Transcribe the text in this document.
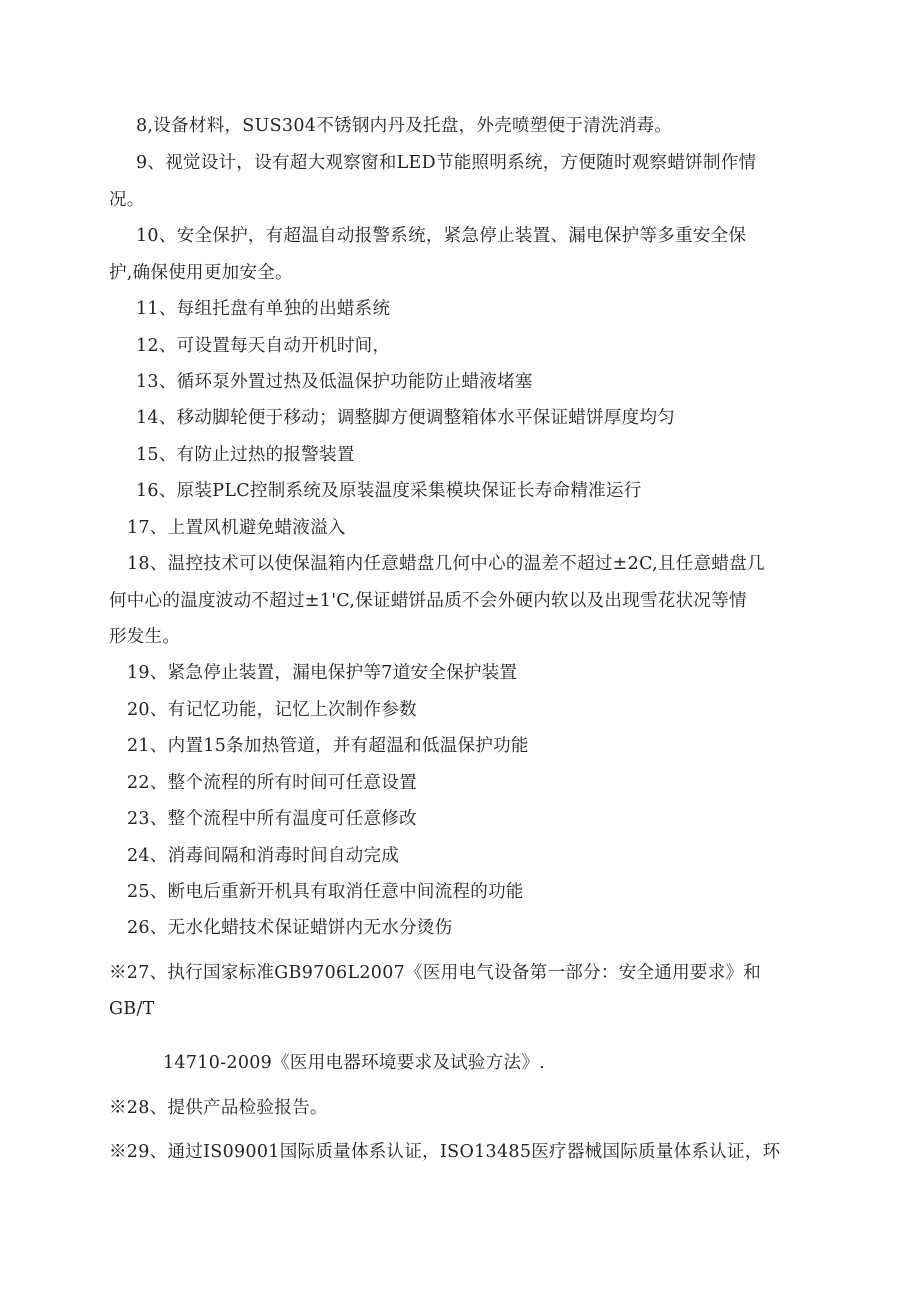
8,设备材料，SUS304不锈钢内丹及托盘，外壳喷塑便于清洗消毒。
9、视觉设计，设有超大观察窗和LED节能照明系统，方便随时观察蜡饼制作情
况。
10、安全保护，有超温自动报警系统，紧急停止装置、漏电保护等多重安全保
护,确保使用更加安全。
11、每组托盘有单独的出蜡系统
12、可设置每天自动开机时间，
13、循环泵外置过热及低温保护功能防止蜡液堵塞
14、移动脚轮便于移动；调整脚方便调整箱体水平保证蜡饼厚度均匀
15、有防止过热的报警装置
16、原装PLC控制系统及原装温度采集模块保证长寿命精准运行
17、上置风机避免蜡液溢入
18、温控技术可以使保温箱内任意蜡盘几何中心的温差不超过±2C,且任意蜡盘几
何中心的温度波动不超过±1'C,保证蜡饼品质不会外硬内软以及出现雪花状况等情
形发生。
19、紧急停止装置，漏电保护等7道安全保护装置
20、有记忆功能，记忆上次制作参数
21、内置15条加热管道，并有超温和低温保护功能
22、整个流程的所有时间可任意设置
23、整个流程中所有温度可任意修改
24、消毒间隔和消毒时间自动完成
25、断电后重新开机具有取消任意中间流程的功能
26、无水化蜡技术保证蜡饼内无水分烫伤
※27、执行国家标准GB9706L2007《医用电气设备第一部分：安全通用要求》和
GB/T
14710-2009《医用电器环境要求及试验方法》.
※28、提供产品检验报告。
※29、通过IS09001国际质量体系认证，ISO13485医疗器械国际质量体系认证，环
